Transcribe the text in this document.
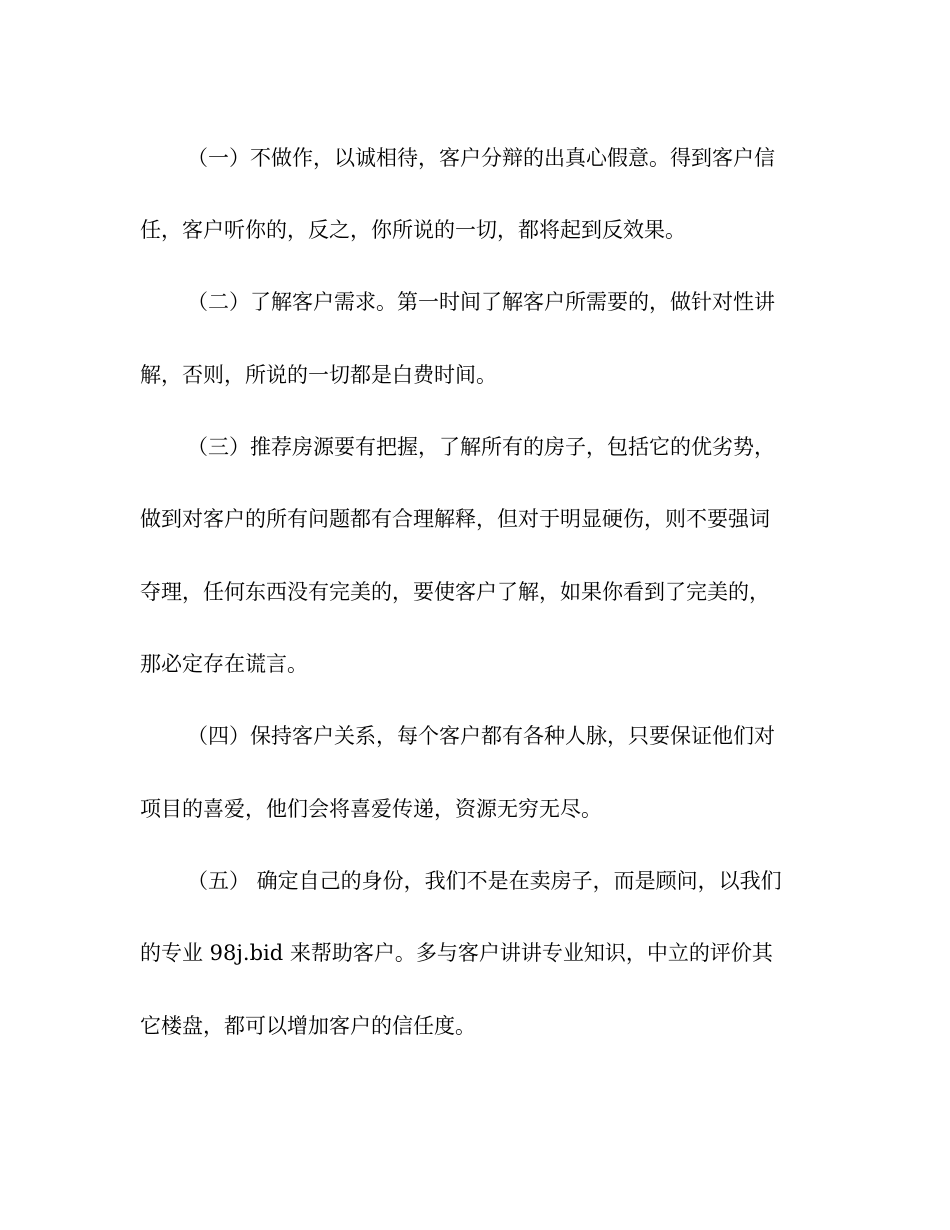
（一）不做作，以诚相待，客户分辩的出真心假意。得到客户信
任，客户听你的，反之，你所说的一切，都将起到反效果。
（二）了解客户需求。第一时间了解客户所需要的，做针对性讲
解，否则，所说的一切都是白费时间。
（三）推荐房源要有把握，了解所有的房子，包括它的优劣势，
做到对客户的所有问题都有合理解释，但对于明显硬伤，则不要强词
夺理，任何东西没有完美的，要使客户了解，如果你看到了完美的，
那必定存在谎言。
（四）保持客户关系，每个客户都有各种人脉，只要保证他们对
项目的喜爱，他们会将喜爱传递，资源无穷无尽。
（五） 确定自己的身份，我们不是在卖房子，而是顾问，以我们
的专业 98j.bid 来帮助客户。多与客户讲讲专业知识，中立的评价其
它楼盘，都可以增加客户的信任度。
